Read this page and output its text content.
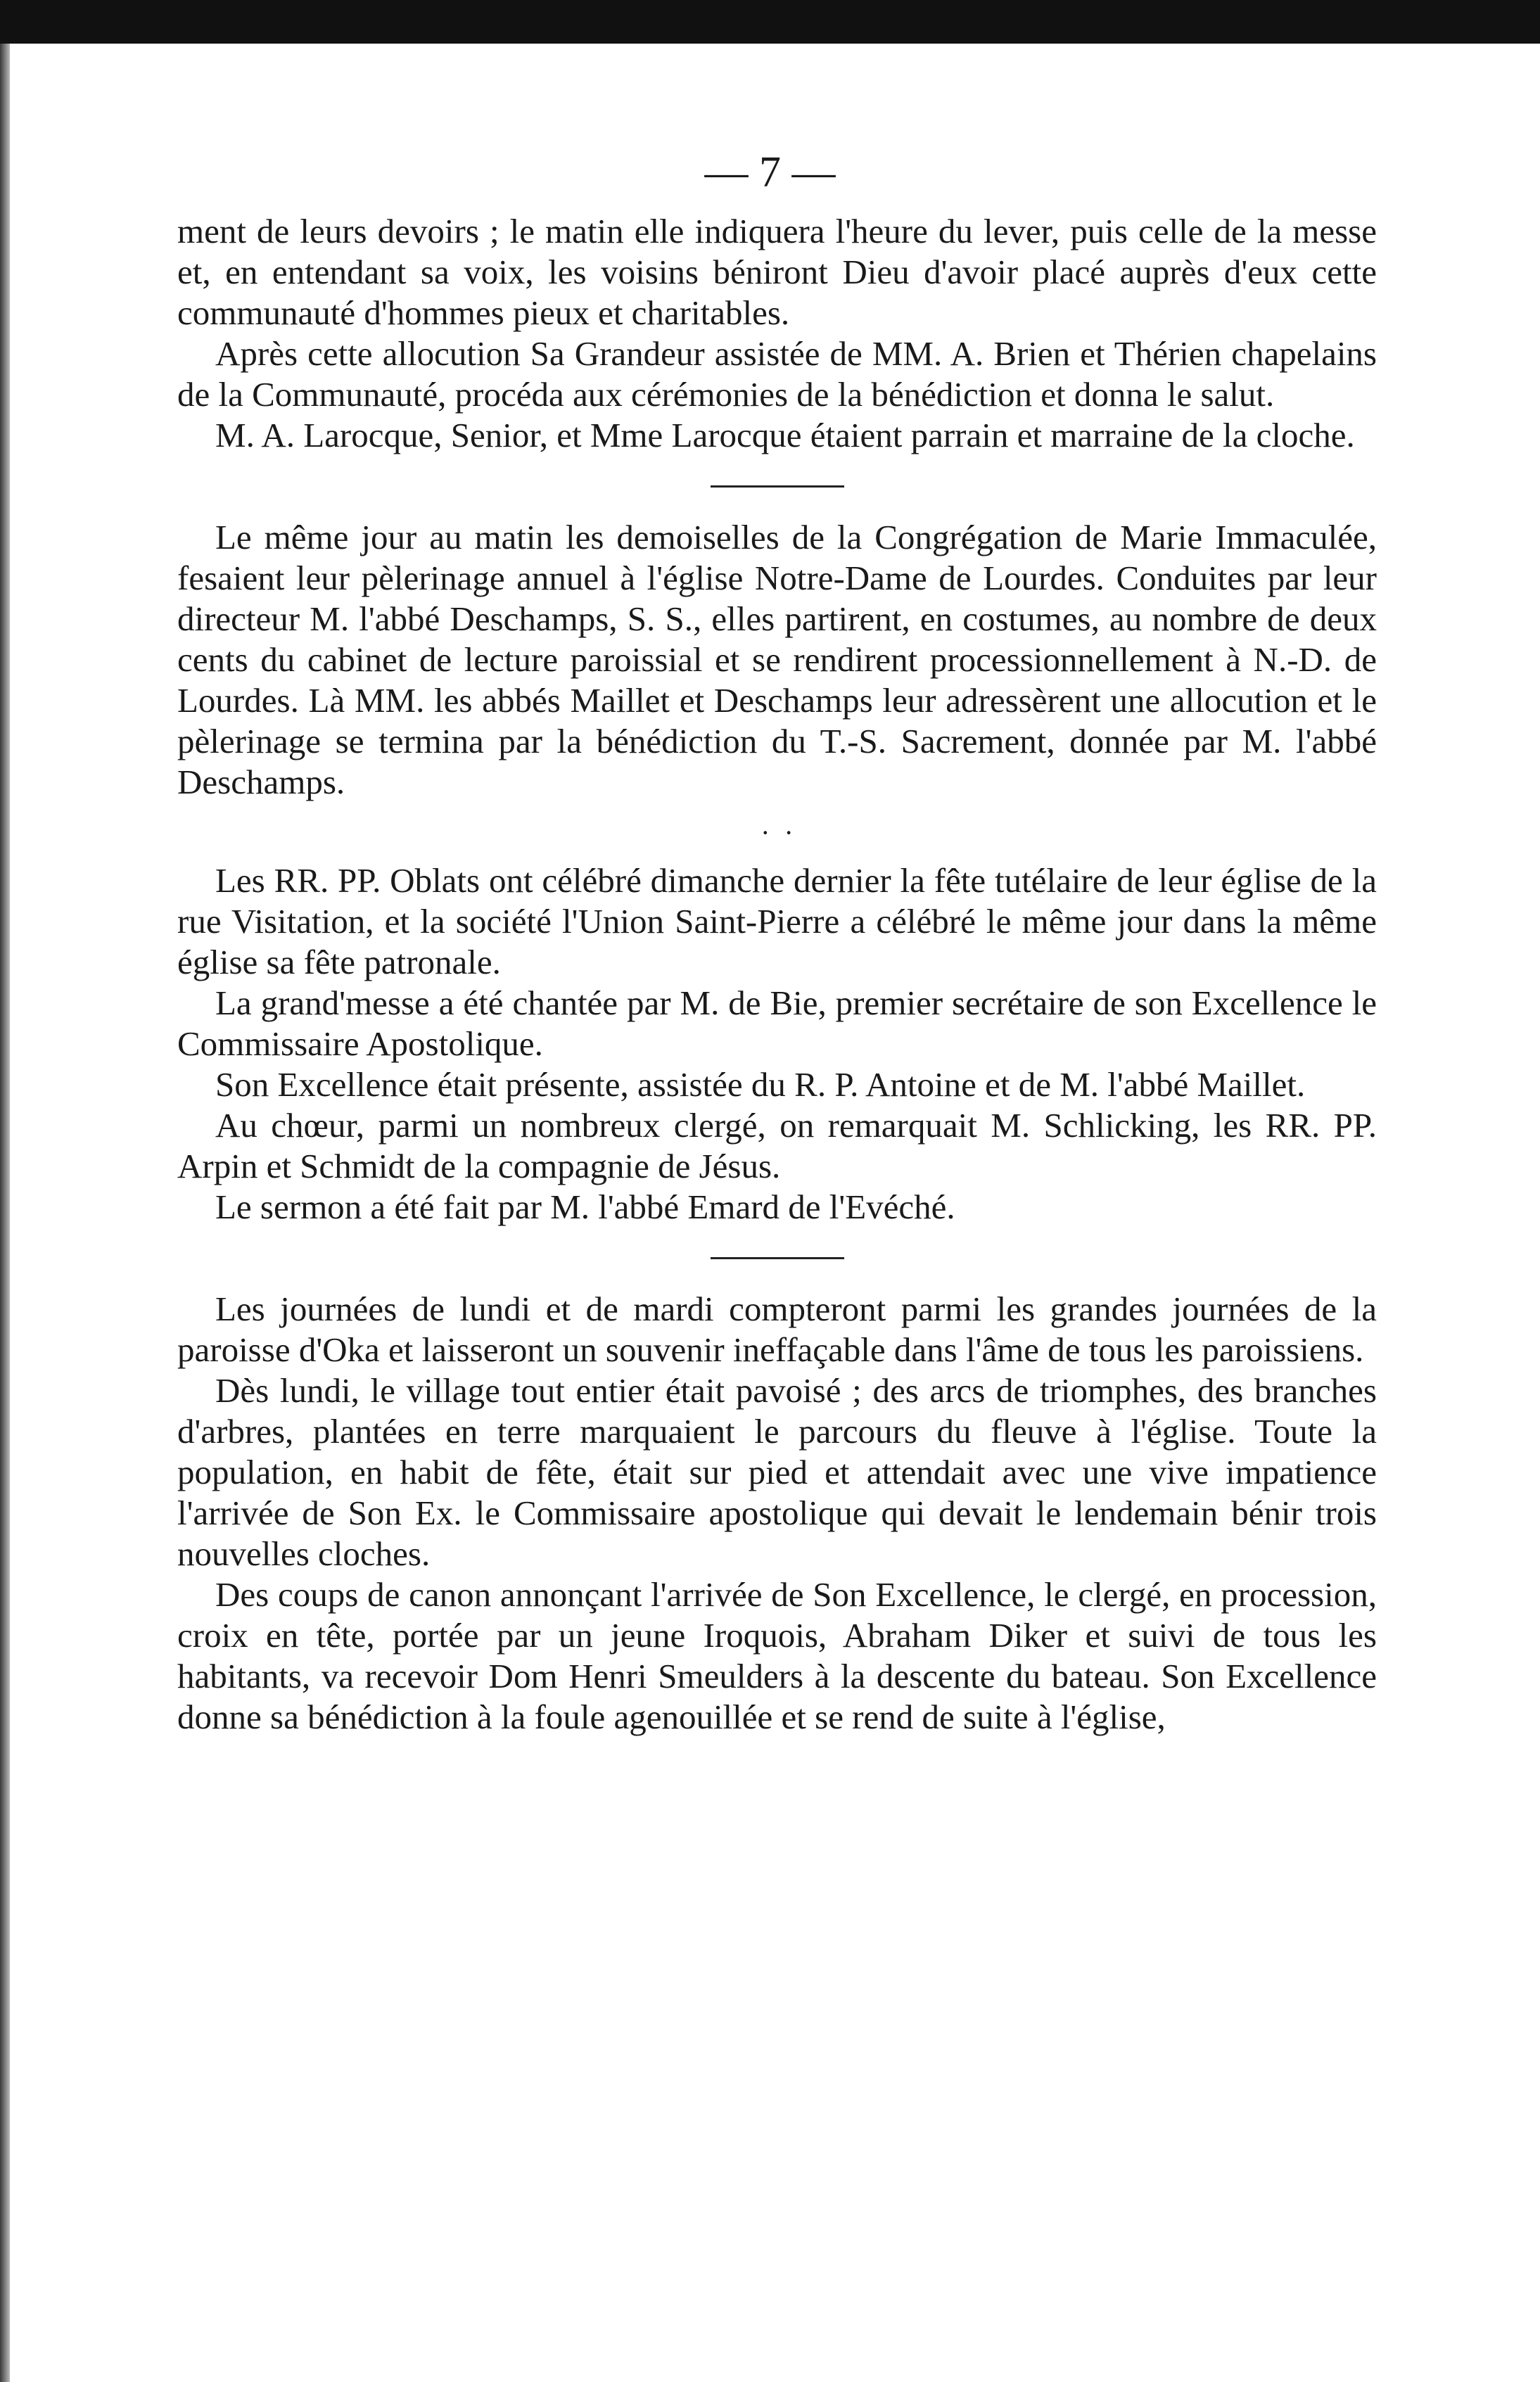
— 7 —

ment de leurs devoirs ; le matin elle indiquera l'heure du lever, puis celle de la messe et, en entendant sa voix, les voisins béniront Dieu d'avoir placé auprès d'eux cette communauté d'hommes pieux et charitables.

Après cette allocution Sa Grandeur assistée de MM. A. Brien et Thérien chapelains de la Communauté, procéda aux cérémonies de la bénédiction et donna le salut.

M. A. Larocque, Senior, et Mme Larocque étaient parrain et marraine de la cloche.

Le même jour au matin les demoiselles de la Congrégation de Marie Immaculée, fesaient leur pèlerinage annuel à l'église Notre-Dame de Lourdes. Conduites par leur directeur M. l'abbé Deschamps, S. S., elles partirent, en costumes, au nombre de deux cents du cabinet de lecture paroissial et se rendirent processionnellement à N.-D. de Lourdes. Là MM. les abbés Maillet et Deschamps leur adressèrent une allocution et le pèlerinage se termina par la bénédiction du T.-S. Sacrement, donnée par M. l'abbé Deschamps.

·  ·

Les RR. PP. Oblats ont célébré dimanche dernier la fête tutélaire de leur église de la rue Visitation, et la société l'Union Saint-Pierre a célébré le même jour dans la même église sa fête patronale.

La grand'messe a été chantée par M. de Bie, premier secrétaire de son Excellence le Commissaire Apostolique.

Son Excellence était présente, assistée du R. P. Antoine et de M. l'abbé Maillet.

Au chœur, parmi un nombreux clergé, on remarquait M. Schlicking, les RR. PP. Arpin et Schmidt de la compagnie de Jésus.

Le sermon a été fait par M. l'abbé Emard de l'Evéché.

Les journées de lundi et de mardi compteront parmi les grandes journées de la paroisse d'Oka et laisseront un souvenir ineffaçable dans l'âme de tous les paroissiens.

Dès lundi, le village tout entier était pavoisé ; des arcs de triomphes, des branches d'arbres, plantées en terre marquaient le parcours du fleuve à l'église. Toute la population, en habit de fête, était sur pied et attendait avec une vive impatience l'arrivée de Son Ex. le Commissaire apostolique qui devait le lendemain bénir trois nouvelles cloches.

Des coups de canon annonçant l'arrivée de Son Excellence, le clergé, en procession, croix en tête, portée par un jeune Iroquois, Abraham Diker et suivi de tous les habitants, va recevoir Dom Henri Smeulders à la descente du bateau. Son Excellence donne sa bénédiction à la foule agenouillée et se rend de suite à l'église,
